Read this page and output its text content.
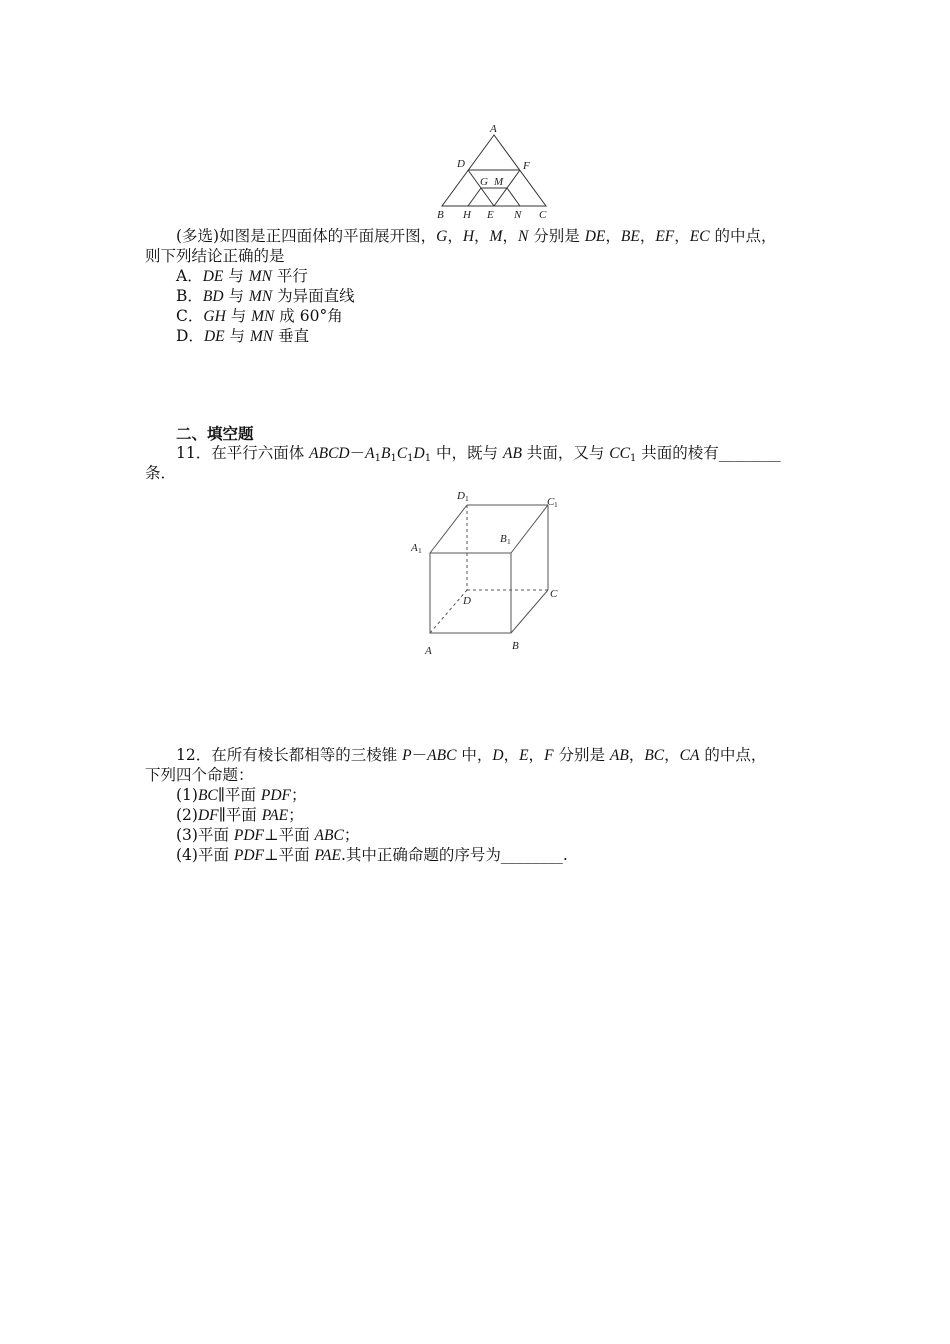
A
D	F
G M
B H E N C
(多选)如图是正四面体的平面展开图，G，H，M，N 分别是 DE，BE，EF，EC 的中点，
则下列结论正确的是
A．DE 与 MN 平行
B．BD 与 MN 为异面直线
C．GH 与 MN 成 60°角
D．DE 与 MN 垂直
二、填空题
11．在平行六面体 $ABCD-A_1B_1C_1D_1$ 中，既与 AB 共面，又与 $CC_1$ 共面的棱有________
条．
D 1	C 1
A 1
B 1
D
C
A	B
12．在所有棱长都相等的三棱锥 P－ABC 中，D，E，F 分别是 AB，BC，CA 的中点，
下列四个命题：
(1)BC∥平面 PDF；
(2)DF∥平面 PAE；
(3)平面 PDF⊥平面 ABC；
(4)平面 PDF⊥平面 PAE.其中正确命题的序号为________.
